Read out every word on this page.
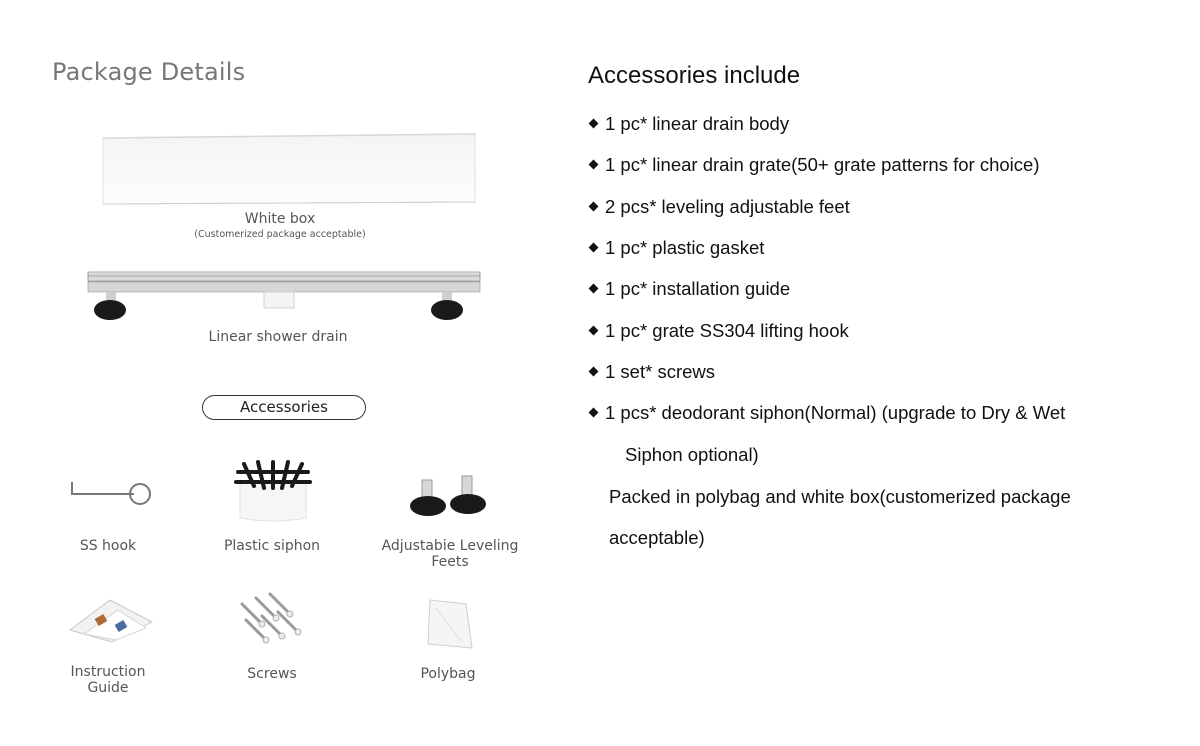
Package Details
White box
(Customerized package acceptable)
Linear shower drain
Accessories
SS hook	Plastic siphon	Adjustabie Leveling Feets
Instruction Guide
Screws	Polybag
Accessories include
1 pc* linear drain body
1 pc* linear drain grate(50+ grate patterns for choice)
2 pcs* leveling adjustable feet
1 pc* plastic gasket
1 pc* installation guide
1 pc* grate SS304 lifting hook
1 set* screws
1 pcs* deodorant siphon(Normal) (upgrade to Dry & Wet
Siphon optional)
Packed in polybag and white box(customerized package
acceptable)
